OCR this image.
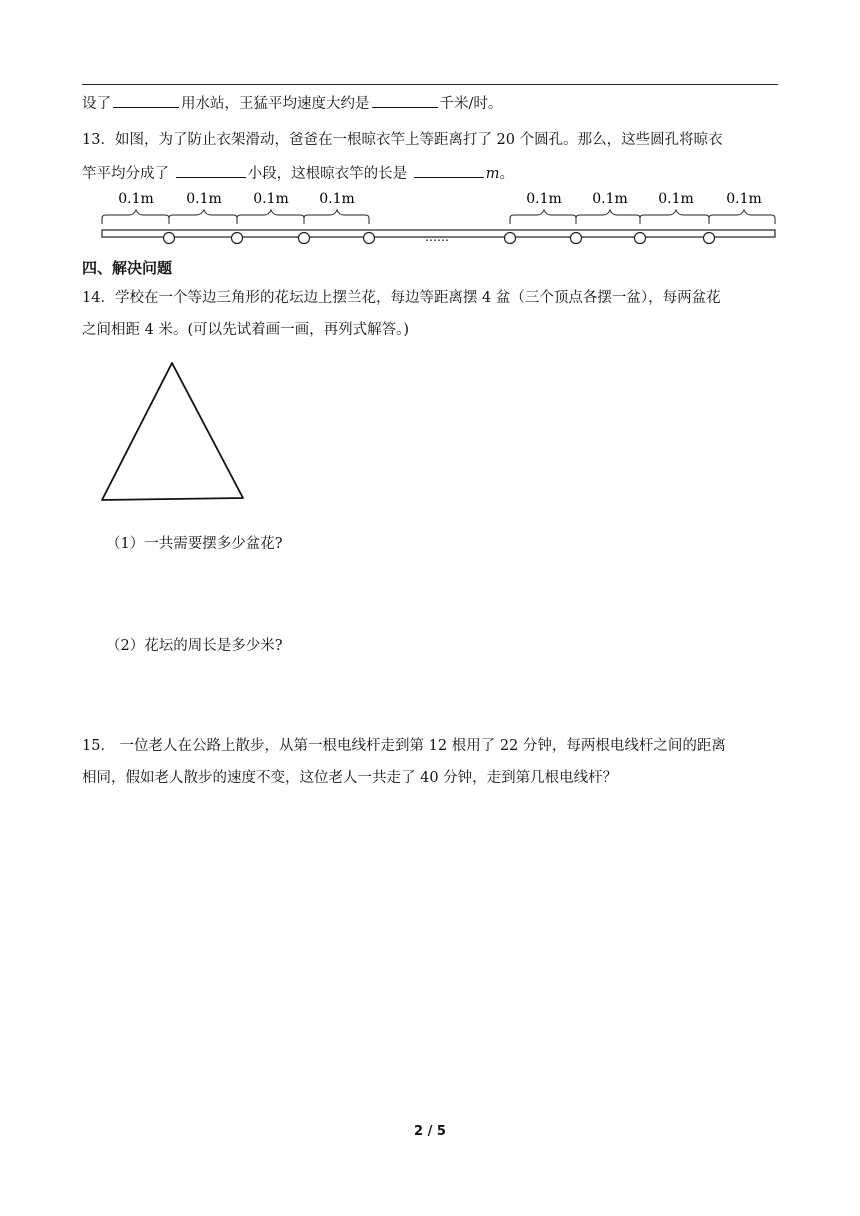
设了	用水站，王猛平均速度大约是	千米/时。
13．如图，为了防止衣架滑动，爸爸在一根晾衣竿上等距离打了 20 个圆孔。那么，这些圆孔将晾衣
竿平均分成了	小段，这根晾衣竿的长是	m。
0.1m 0.1m 0.1m 0.1m	0.1m 0.1m 0.1m 0.1m
……
四、解决问题
14．学校在一个等边三角形的花坛边上摆兰花，每边等距离摆 4 盆（三个顶点各摆一盆），每两盆花
之间相距 4 米。(可以先试着画一画，再列式解答。)
（1）一共需要摆多少盆花?
（2）花坛的周长是多少米?
15． 一位老人在公路上散步，从第一根电线杆走到第 12 根用了 22 分钟，每两根电线杆之间的距离
相同，假如老人散步的速度不变，这位老人一共走了 40 分钟，走到第几根电线杆？
2 / 5
